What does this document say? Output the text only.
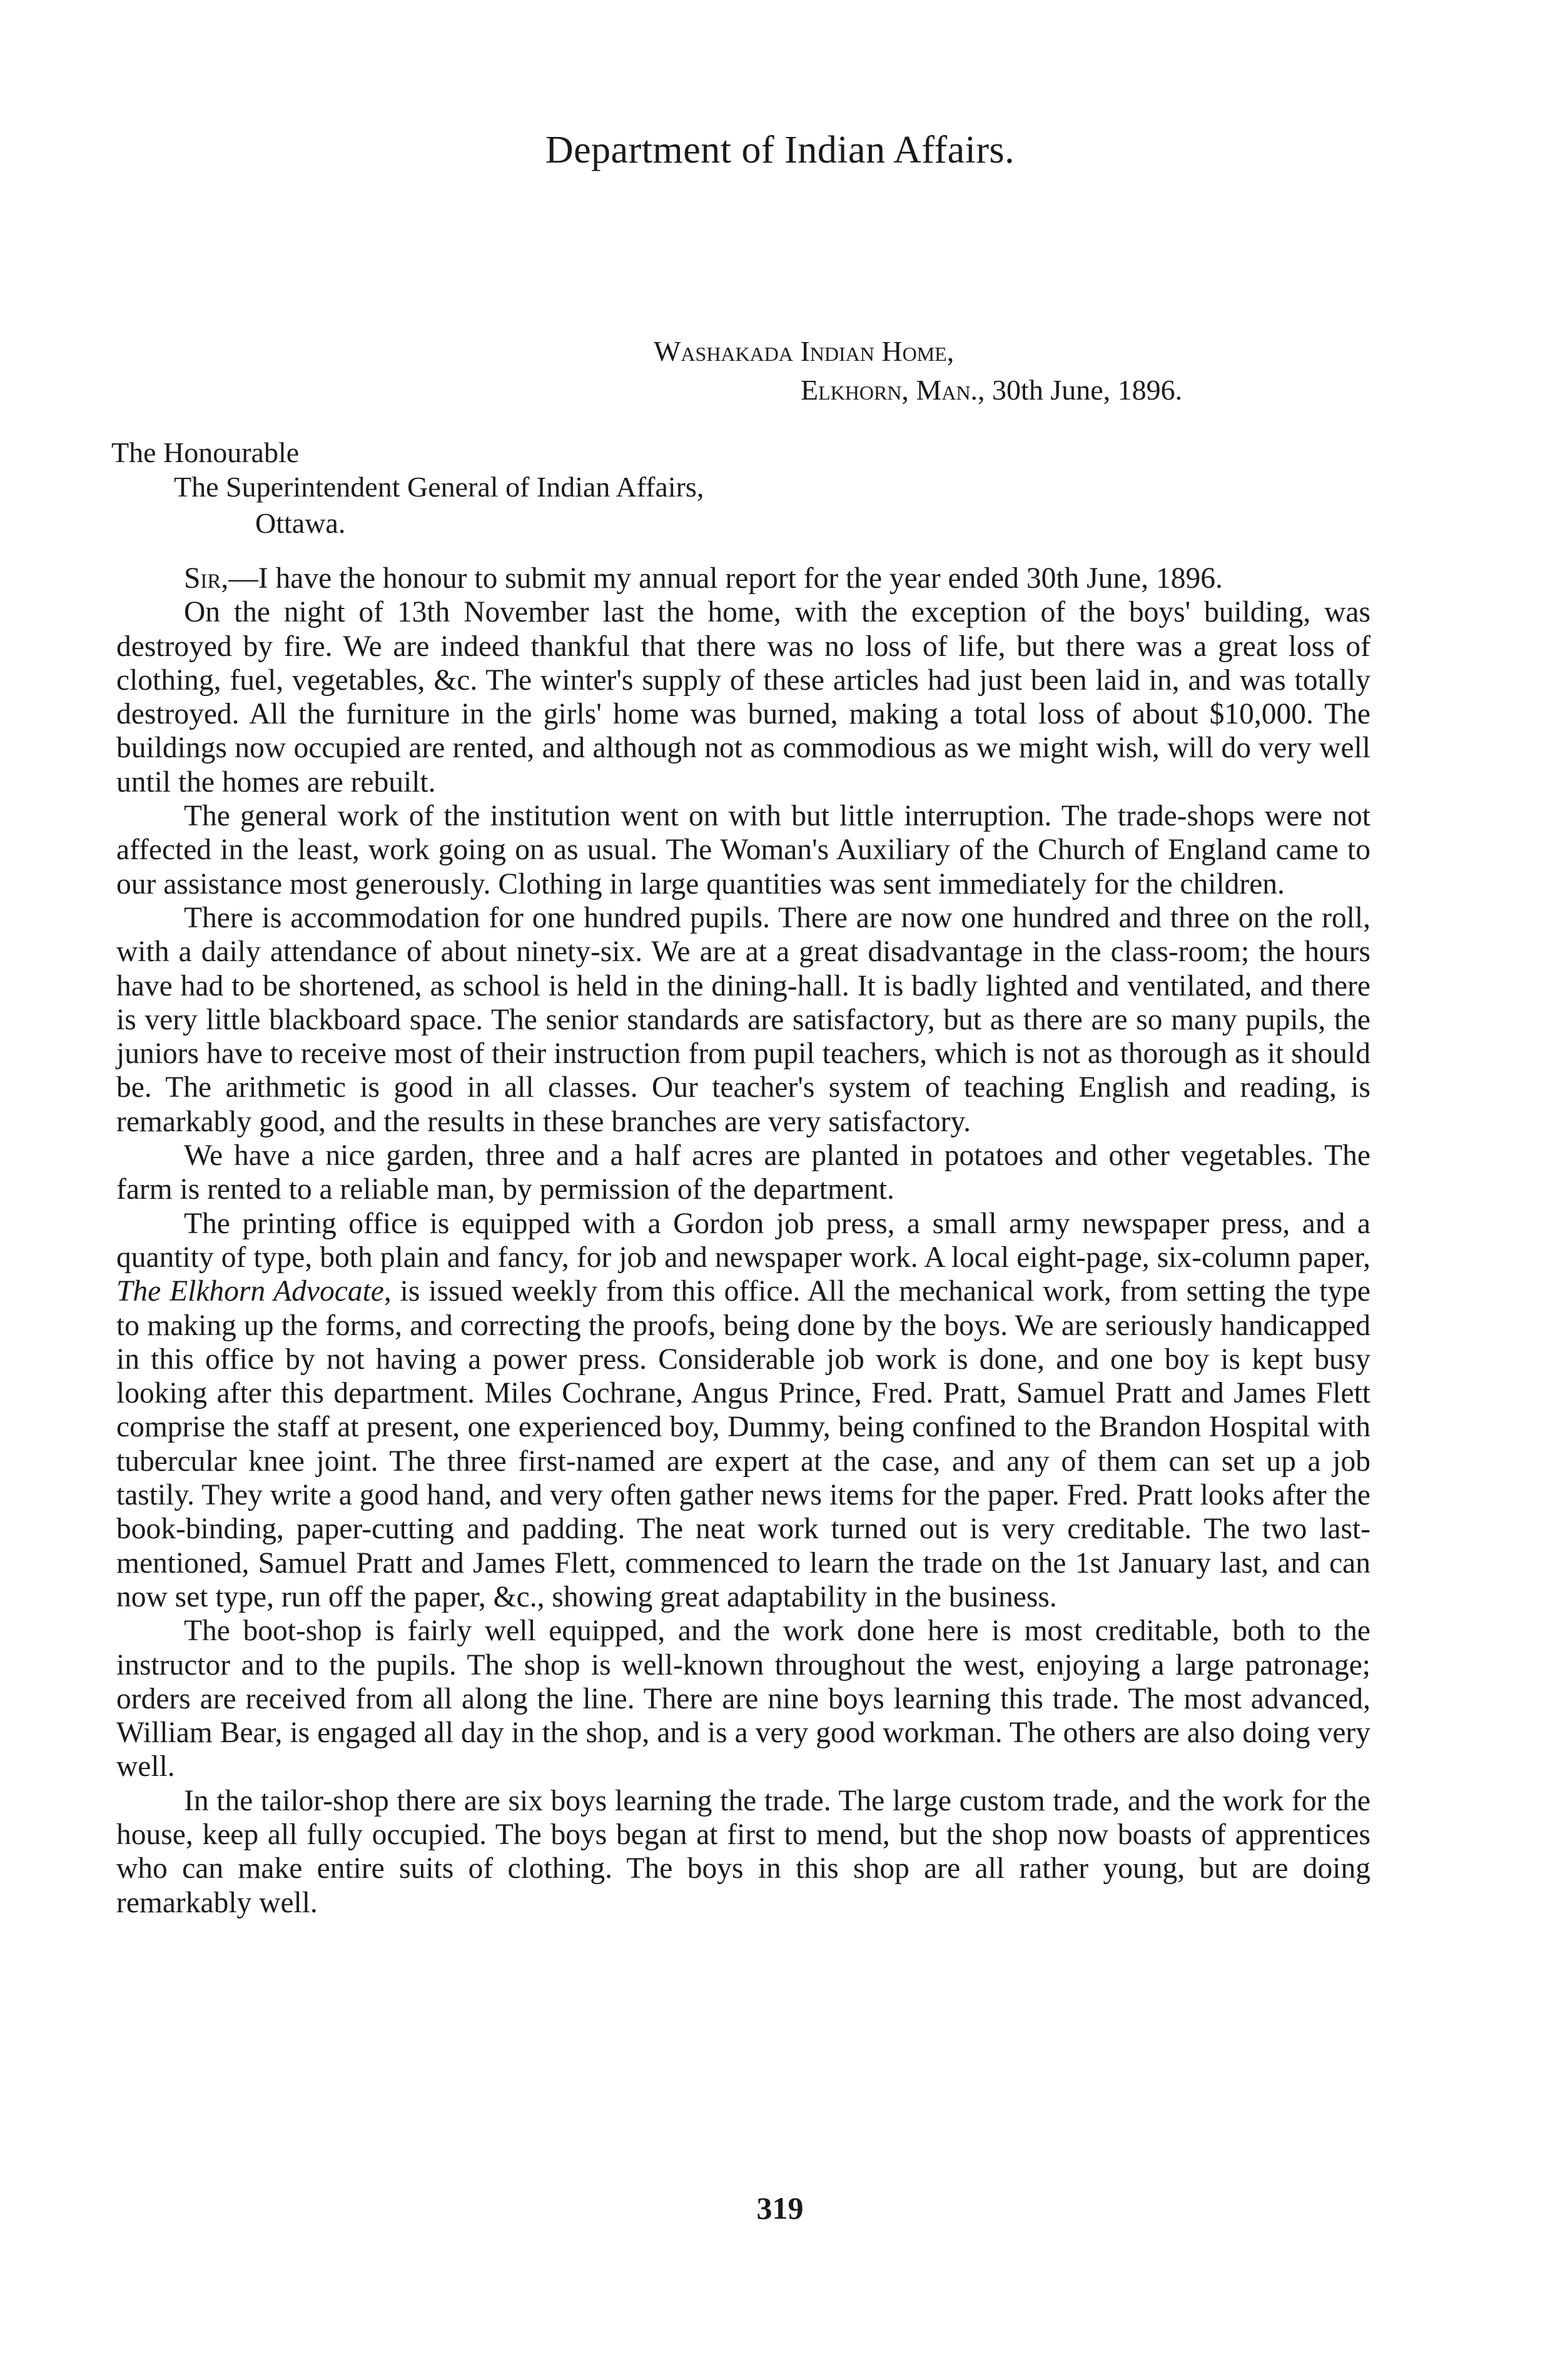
Department of Indian Affairs.
Washakada Indian Home,
Elkhorn, Man., 30th June, 1896.
The Honourable
The Superintendent General of Indian Affairs,
Ottawa.

Sir,—I have the honour to submit my annual report for the year ended 30th June, 1896.

On the night of 13th November last the home, with the exception of the boys' building, was destroyed by fire. We are indeed thankful that there was no loss of life, but there was a great loss of clothing, fuel, vegetables, &c. The winter's supply of these articles had just been laid in, and was totally destroyed. All the furniture in the girls' home was burned, making a total loss of about $10,000. The buildings now occupied are rented, and although not as commodious as we might wish, will do very well until the homes are rebuilt.

The general work of the institution went on with but little interruption. The trade-shops were not affected in the least, work going on as usual. The Woman's Auxiliary of the Church of England came to our assistance most generously. Clothing in large quantities was sent immediately for the children.

There is accommodation for one hundred pupils. There are now one hundred and three on the roll, with a daily attendance of about ninety-six. We are at a great disadvantage in the class-room; the hours have had to be shortened, as school is held in the dining-hall. It is badly lighted and ventilated, and there is very little blackboard space. The senior standards are satisfactory, but as there are so many pupils, the juniors have to receive most of their instruction from pupil teachers, which is not as thorough as it should be. The arithmetic is good in all classes. Our teacher's system of teaching English and reading, is remarkably good, and the results in these branches are very satisfactory.

We have a nice garden, three and a half acres are planted in potatoes and other vegetables. The farm is rented to a reliable man, by permission of the department.

The printing office is equipped with a Gordon job press, a small army newspaper press, and a quantity of type, both plain and fancy, for job and newspaper work. A local eight-page, six-column paper, The Elkhorn Advocate, is issued weekly from this office. All the mechanical work, from setting the type to making up the forms, and correcting the proofs, being done by the boys. We are seriously handicapped in this office by not having a power press. Considerable job work is done, and one boy is kept busy looking after this department. Miles Cochrane, Angus Prince, Fred. Pratt, Samuel Pratt and James Flett comprise the staff at present, one experienced boy, Dummy, being confined to the Brandon Hospital with tubercular knee joint. The three first-named are expert at the case, and any of them can set up a job tastily. They write a good hand, and very often gather news items for the paper. Fred. Pratt looks after the book-binding, paper-cutting and padding. The neat work turned out is very creditable. The two last-mentioned, Samuel Pratt and James Flett, commenced to learn the trade on the 1st January last, and can now set type, run off the paper, &c., showing great adaptability in the business.

The boot-shop is fairly well equipped, and the work done here is most creditable, both to the instructor and to the pupils. The shop is well-known throughout the west, enjoying a large patronage; orders are received from all along the line. There are nine boys learning this trade. The most advanced, William Bear, is engaged all day in the shop, and is a very good workman. The others are also doing very well.

In the tailor-shop there are six boys learning the trade. The large custom trade, and the work for the house, keep all fully occupied. The boys began at first to mend, but the shop now boasts of apprentices who can make entire suits of clothing. The boys in this shop are all rather young, but are doing remarkably well.

319
